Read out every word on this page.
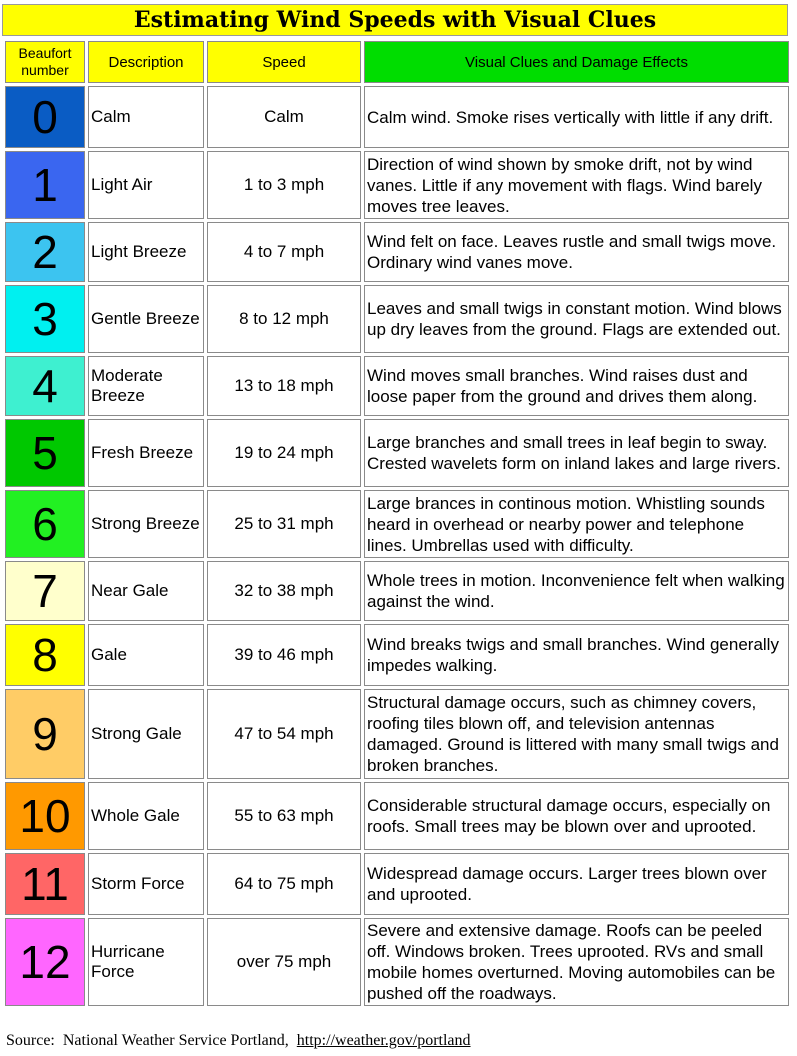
Estimating Wind Speeds with Visual Clues
Beaufort number	Description	Speed	Visual Clues and Damage Effects
0	Calm	Calm	Calm wind. Smoke rises vertically with little if any drift.
1	Light Air	1 to 3 mph	Direction of wind shown by smoke drift, not by wind vanes. Little if any movement with flags. Wind barely moves tree leaves.
2	Light Breeze	4 to 7 mph	Wind felt on face. Leaves rustle and small twigs move. Ordinary wind vanes move.
3	Gentle Breeze	8 to 12 mph	Leaves and small twigs in constant motion. Wind blows up dry leaves from the ground. Flags are extended out.
4	Moderate Breeze	13 to 18 mph	Wind moves small branches. Wind raises dust and loose paper from the ground and drives them along.
5	Fresh Breeze	19 to 24 mph	Large branches and small trees in leaf begin to sway. Crested wavelets form on inland lakes and large rivers.
6	Strong Breeze	25 to 31 mph	Large brances in continous motion. Whistling sounds heard in overhead or nearby power and telephone lines. Umbrellas used with difficulty.
7	Near Gale	32 to 38 mph	Whole trees in motion. Inconvenience felt when walking against the wind.
8	Gale	39 to 46 mph	Wind breaks twigs and small branches. Wind generally impedes walking.
9	Strong Gale	47 to 54 mph	Structural damage occurs, such as chimney covers, roofing tiles blown off, and television antennas damaged. Ground is littered with many small twigs and broken branches.
10	Whole Gale	55 to 63 mph	Considerable structural damage occurs, especially on roofs. Small trees may be blown over and uprooted.
11	Storm Force	64 to 75 mph	Widespread damage occurs. Larger trees blown over and uprooted.
12	Hurricane Force	over 75 mph	Severe and extensive damage. Roofs can be peeled off. Windows broken. Trees uprooted. RVs and small mobile homes overturned. Moving automobiles can be pushed off the roadways.
Source: National Weather Service Portland, http://weather.gov/portland
